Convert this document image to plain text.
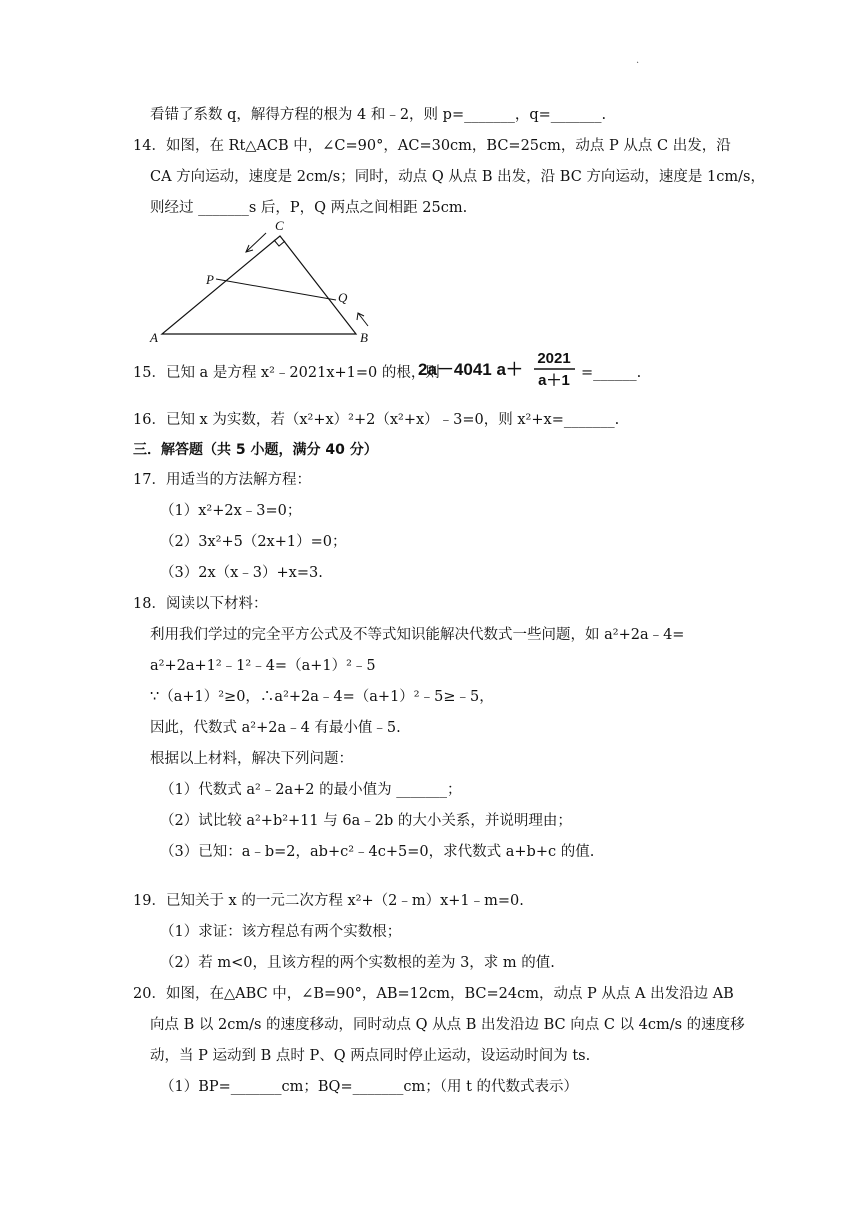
·
看错了系数 q，解得方程的根为 4 和﹣2，则 p=_______，q=_______.
14．如图，在 Rt△ACB 中，∠C=90°，AC=30cm，BC=25cm，动点 P 从点 C 出发，沿
CA 方向运动，速度是 2cm/s；同时，动点 Q 从点 B 出发，沿 BC 方向运动，速度是 1cm/s，
则经过 _______s 后，P，Q 两点之间相距 25cm.
A	B
C
P
Q
15．已知 a 是方程 x²﹣2021x+1=0 的根，则
2a－4041 a＋
2021
a＋1 =______.
16．已知 x 为实数，若（x²+x）²+2（x²+x）﹣3=0，则 x²+x=_______.
三．解答题（共 5 小题，满分 40 分）
17．用适当的方法解方程：
（1）x²+2x﹣3=0；
（2）3x²+5（2x+1）=0；
（3）2x（x﹣3）+x=3.
18．阅读以下材料：
利用我们学过的完全平方公式及不等式知识能解决代数式一些问题，如 a²+2a﹣4=
a²+2a+1²﹣1²﹣4=（a+1）²﹣5
∵（a+1）²≥0，∴a²+2a﹣4=（a+1）²﹣5≥﹣5，
因此，代数式 a²+2a﹣4 有最小值﹣5.
根据以上材料，解决下列问题：
（1）代数式 a²﹣2a+2 的最小值为 _______；
（2）试比较 a²+b²+11 与 6a﹣2b 的大小关系，并说明理由；
（3）已知：a﹣b=2，ab+c²﹣4c+5=0，求代数式 a+b+c 的值.
19．已知关于 x 的一元二次方程 x²+（2﹣m）x+1﹣m=0.
（1）求证：该方程总有两个实数根；
（2）若 m<0，且该方程的两个实数根的差为 3，求 m 的值.
20．如图，在△ABC 中，∠B=90°，AB=12cm，BC=24cm，动点 P 从点 A 出发沿边 AB
向点 B 以 2cm/s 的速度移动，同时动点 Q 从点 B 出发沿边 BC 向点 C 以 4cm/s 的速度移
动，当 P 运动到 B 点时 P、Q 两点同时停止运动，设运动时间为 ts.
（1）BP=_______cm；BQ=_______cm；（用 t 的代数式表示）
